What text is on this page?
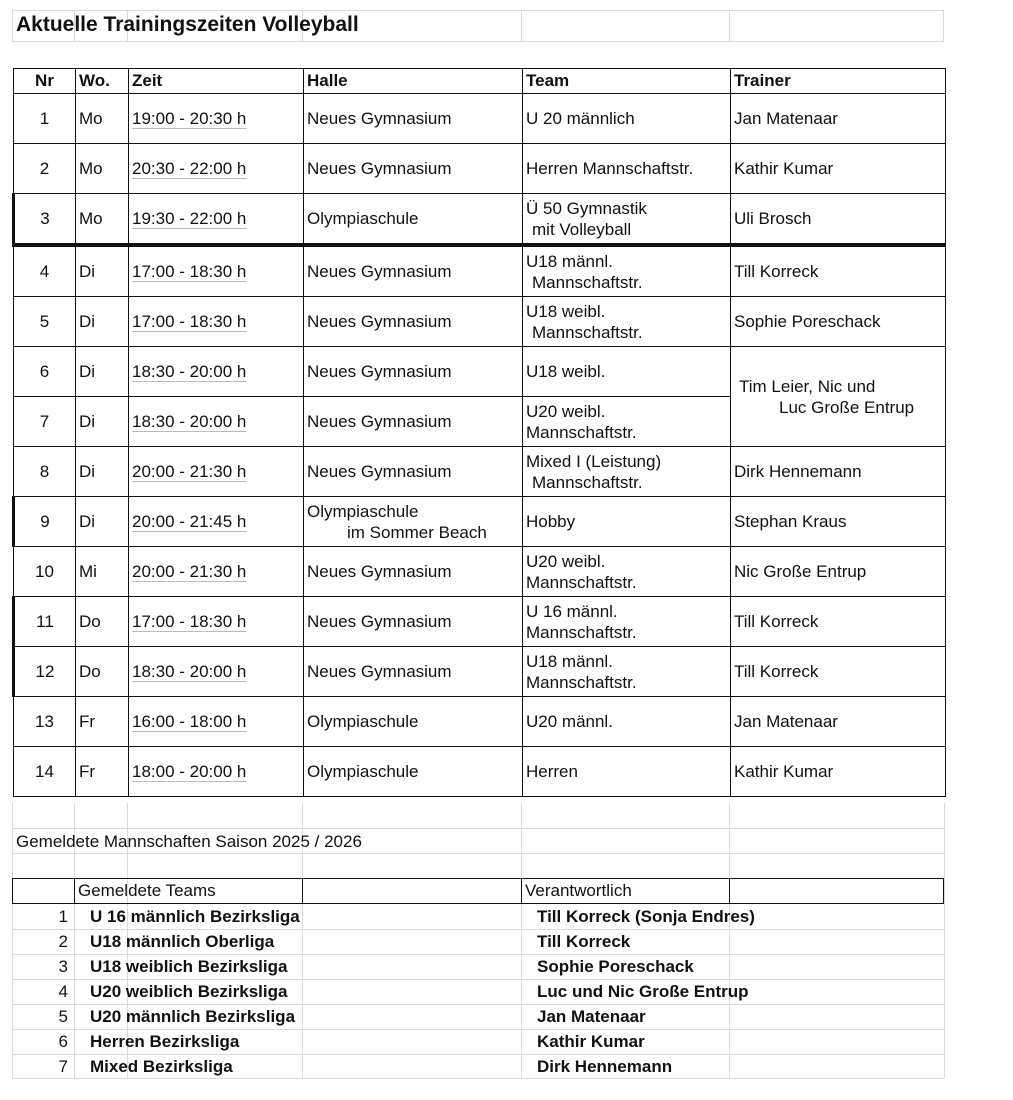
Aktuelle Trainingszeiten Volleyball
Nr	Wo.	Zeit	Halle	Team	Trainer
1	Mo	19:00 - 20:30 h	Neues Gymnasium	U 20 männlich	Jan Matenaar
2	Mo	20:30 - 22:00 h	Neues Gymnasium	Herren Mannschaftstr.	Kathir Kumar
3	Mo	19:30 - 22:00 h	Olympiaschule	Ü 50 Gymnastik
mit Volleyball	Uli Brosch
4	Di	17:00 - 18:30 h	Neues Gymnasium	U18 männl.
Mannschaftstr.	Till Korreck
5	Di	17:00 - 18:30 h	Neues Gymnasium	U18 weibl.
Mannschaftstr.	Sophie Poreschack
6	Di	18:30 - 20:00 h	Neues Gymnasium	U18 weibl.	Tim Leier, Nic und
Luc Große Entrup

7	Di	18:30 - 20:00 h	Neues Gymnasium	U20 weibl.
Mannschaftstr.	

8	Di	20:00 - 21:30 h	Neues Gymnasium	Mixed I (Leistung)
Mannschaftstr.	Dirk Hennemann
9	Di	20:00 - 21:45 h	Olympiaschule
im Sommer Beach	Hobby	Stephan Kraus
10	Mi	20:00 - 21:30 h	Neues Gymnasium	U20 weibl.
Mannschaftstr.	Nic Große Entrup
11	Do	17:00 - 18:30 h	Neues Gymnasium	U 16 männl.
Mannschaftstr.	Till Korreck
12	Do	18:30 - 20:00 h	Neues Gymnasium	U18 männl.
Mannschaftstr.	Till Korreck
13	Fr	16:00 - 18:00 h	Olympiaschule	U20 männl.	Jan Matenaar
14	Fr	18:00 - 20:00 h	Olympiaschule	Herren	Kathir Kumar
Gemeldete Mannschaften Saison 2025 / 2026
Gemeldete Teams	Verantwortlich
1 U 16 männlich Bezirksliga	Till Korreck (Sonja Endres)
2 U18 männlich Oberliga	Till Korreck
3 U18 weiblich Bezirksliga	Sophie Poreschack
4 U20 weiblich Bezirksliga	Luc und Nic Große Entrup
5 U20 männlich Bezirksliga	Jan Matenaar
6 Herren Bezirksliga	Kathir Kumar
7 Mixed Bezirksliga	Dirk Hennemann
